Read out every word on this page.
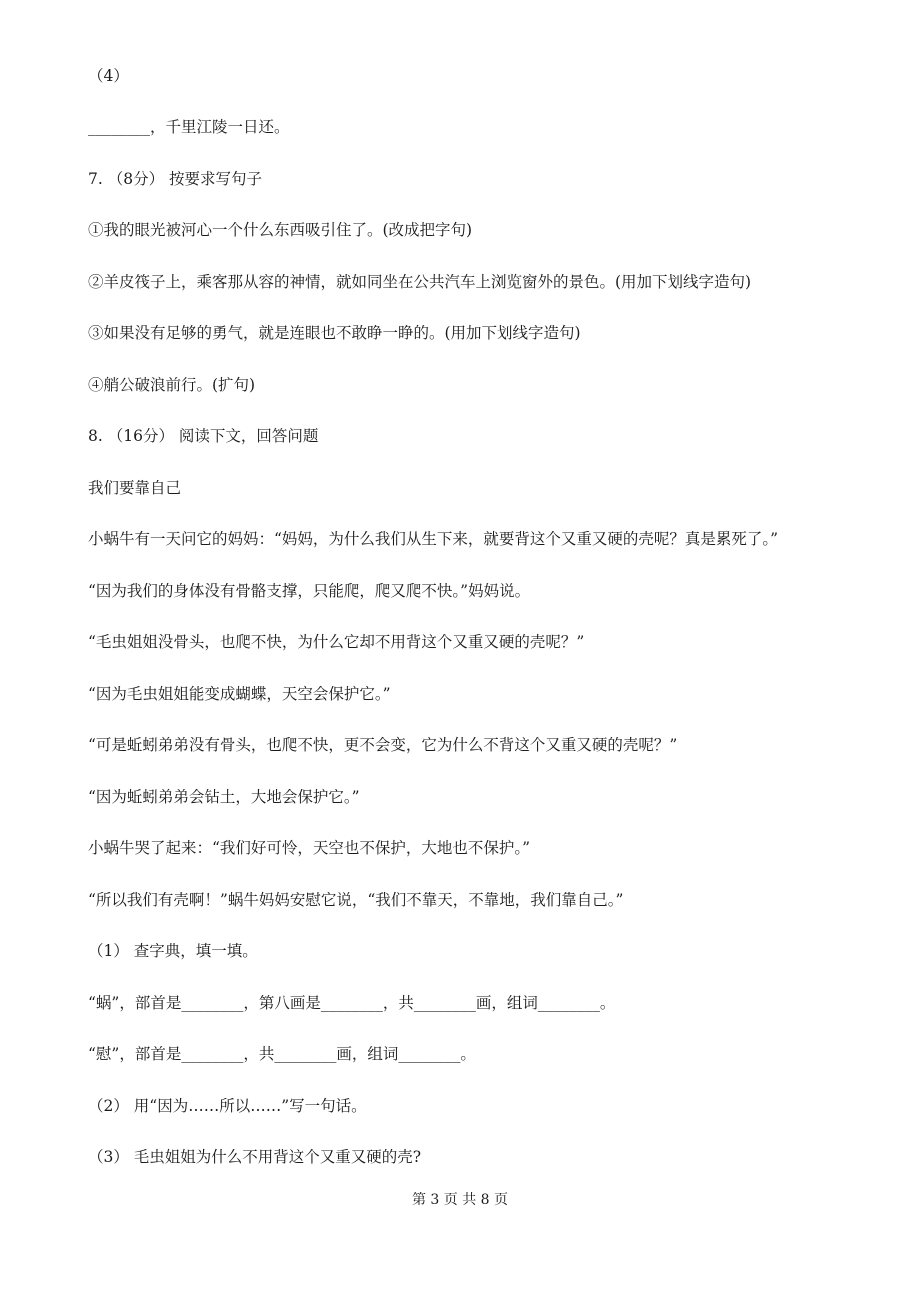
（4）
________，千里江陵一日还。
7. （8分） 按要求写句子
①我的眼光被河心一个什么东西吸引住了。(改成把字句)
②羊皮筏子上，乘客那从容的神情，就如同坐在公共汽车上浏览窗外的景色。(用加下划线字造句)
③如果没有足够的勇气，就是连眼也不敢睁一睁的。(用加下划线字造句)
④艄公破浪前行。(扩句)
8. （16分） 阅读下文，回答问题
我们要靠自己
小蜗牛有一天问它的妈妈：“妈妈，为什么我们从生下来，就要背这个又重又硬的壳呢？真是累死了。”
“因为我们的身体没有骨骼支撑，只能爬，爬又爬不快。”妈妈说。
“毛虫姐姐没骨头，也爬不快，为什么它却不用背这个又重又硬的壳呢？”
“因为毛虫姐姐能变成蝴蝶，天空会保护它。”
“可是蚯蚓弟弟没有骨头，也爬不快，更不会变，它为什么不背这个又重又硬的壳呢？”
“因为蚯蚓弟弟会钻土，大地会保护它。”
小蜗牛哭了起来：“我们好可怜，天空也不保护，大地也不保护。”
“所以我们有壳啊！”蜗牛妈妈安慰它说，“我们不靠天，不靠地，我们靠自己。”
（1） 查字典，填一填。
“蜗”，部首是________，第八画是________，共________画，组词________。
“慰”，部首是________，共________画，组词________。
（2） 用“因为……所以……”写一句话。
（3） 毛虫姐姐为什么不用背这个又重又硬的壳?
第 3 页 共 8 页
